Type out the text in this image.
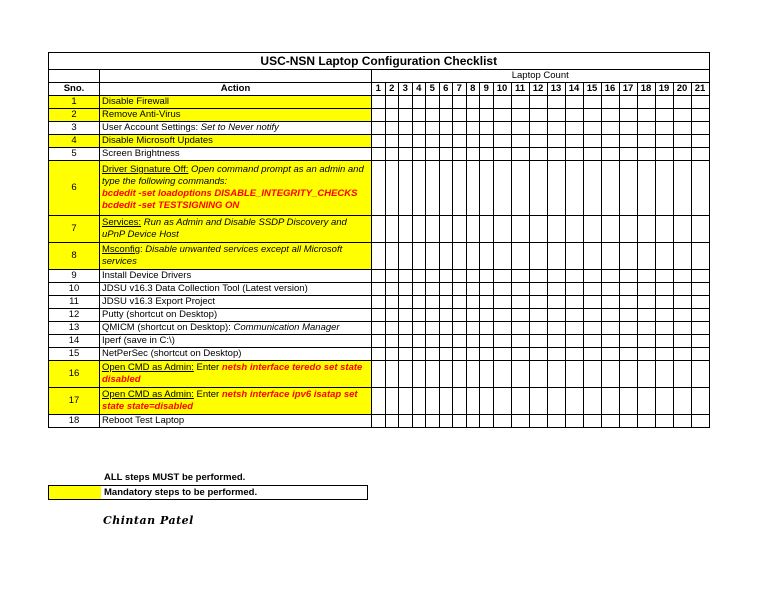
USC-NSN Laptop Configuration Checklist																						
		Laptop Count																				
Sno.	Action	1	2	3	4	5	6	7	8	9	10	11	12	13	14	15	16	17	18	19	20	21
1	Disable Firewall																					
2	Remove Anti-Virus																					
3	User Account Settings: Set to Never notify																					
4	Disable Microsoft Updates																					
5	Screen Brightness																					
6	Driver Signature Off: Open command prompt as an admin and type the following commands:
bcdedit -set loadoptions DISABLE_INTEGRITY_CHECKS
bcdedit -set TESTSIGNING ON																					
7	Services: Run as Admin and Disable SSDP Discovery and uPnP Device Host																					
8	Msconfig: Disable unwanted services except all Microsoft services																					
9	Install Device Drivers																					
10	JDSU v16.3 Data Collection Tool (Latest version)																					
11	JDSU v16.3 Export Project																					
12	Putty (shortcut on Desktop)																					
13	QMICM (shortcut on Desktop): Communication Manager																					
14	Iperf (save in C:\)																					
15	NetPerSec (shortcut on Desktop)																					
16	Open CMD as Admin: Enter netsh interface teredo set state disabled																					
17	Open CMD as Admin: Enter netsh interface ipv6 isatap set state state=disabled																					
18	Reboot Test Laptop																					
ALL steps MUST be performed.
Mandatory steps to be performed.
Chintan Patel
